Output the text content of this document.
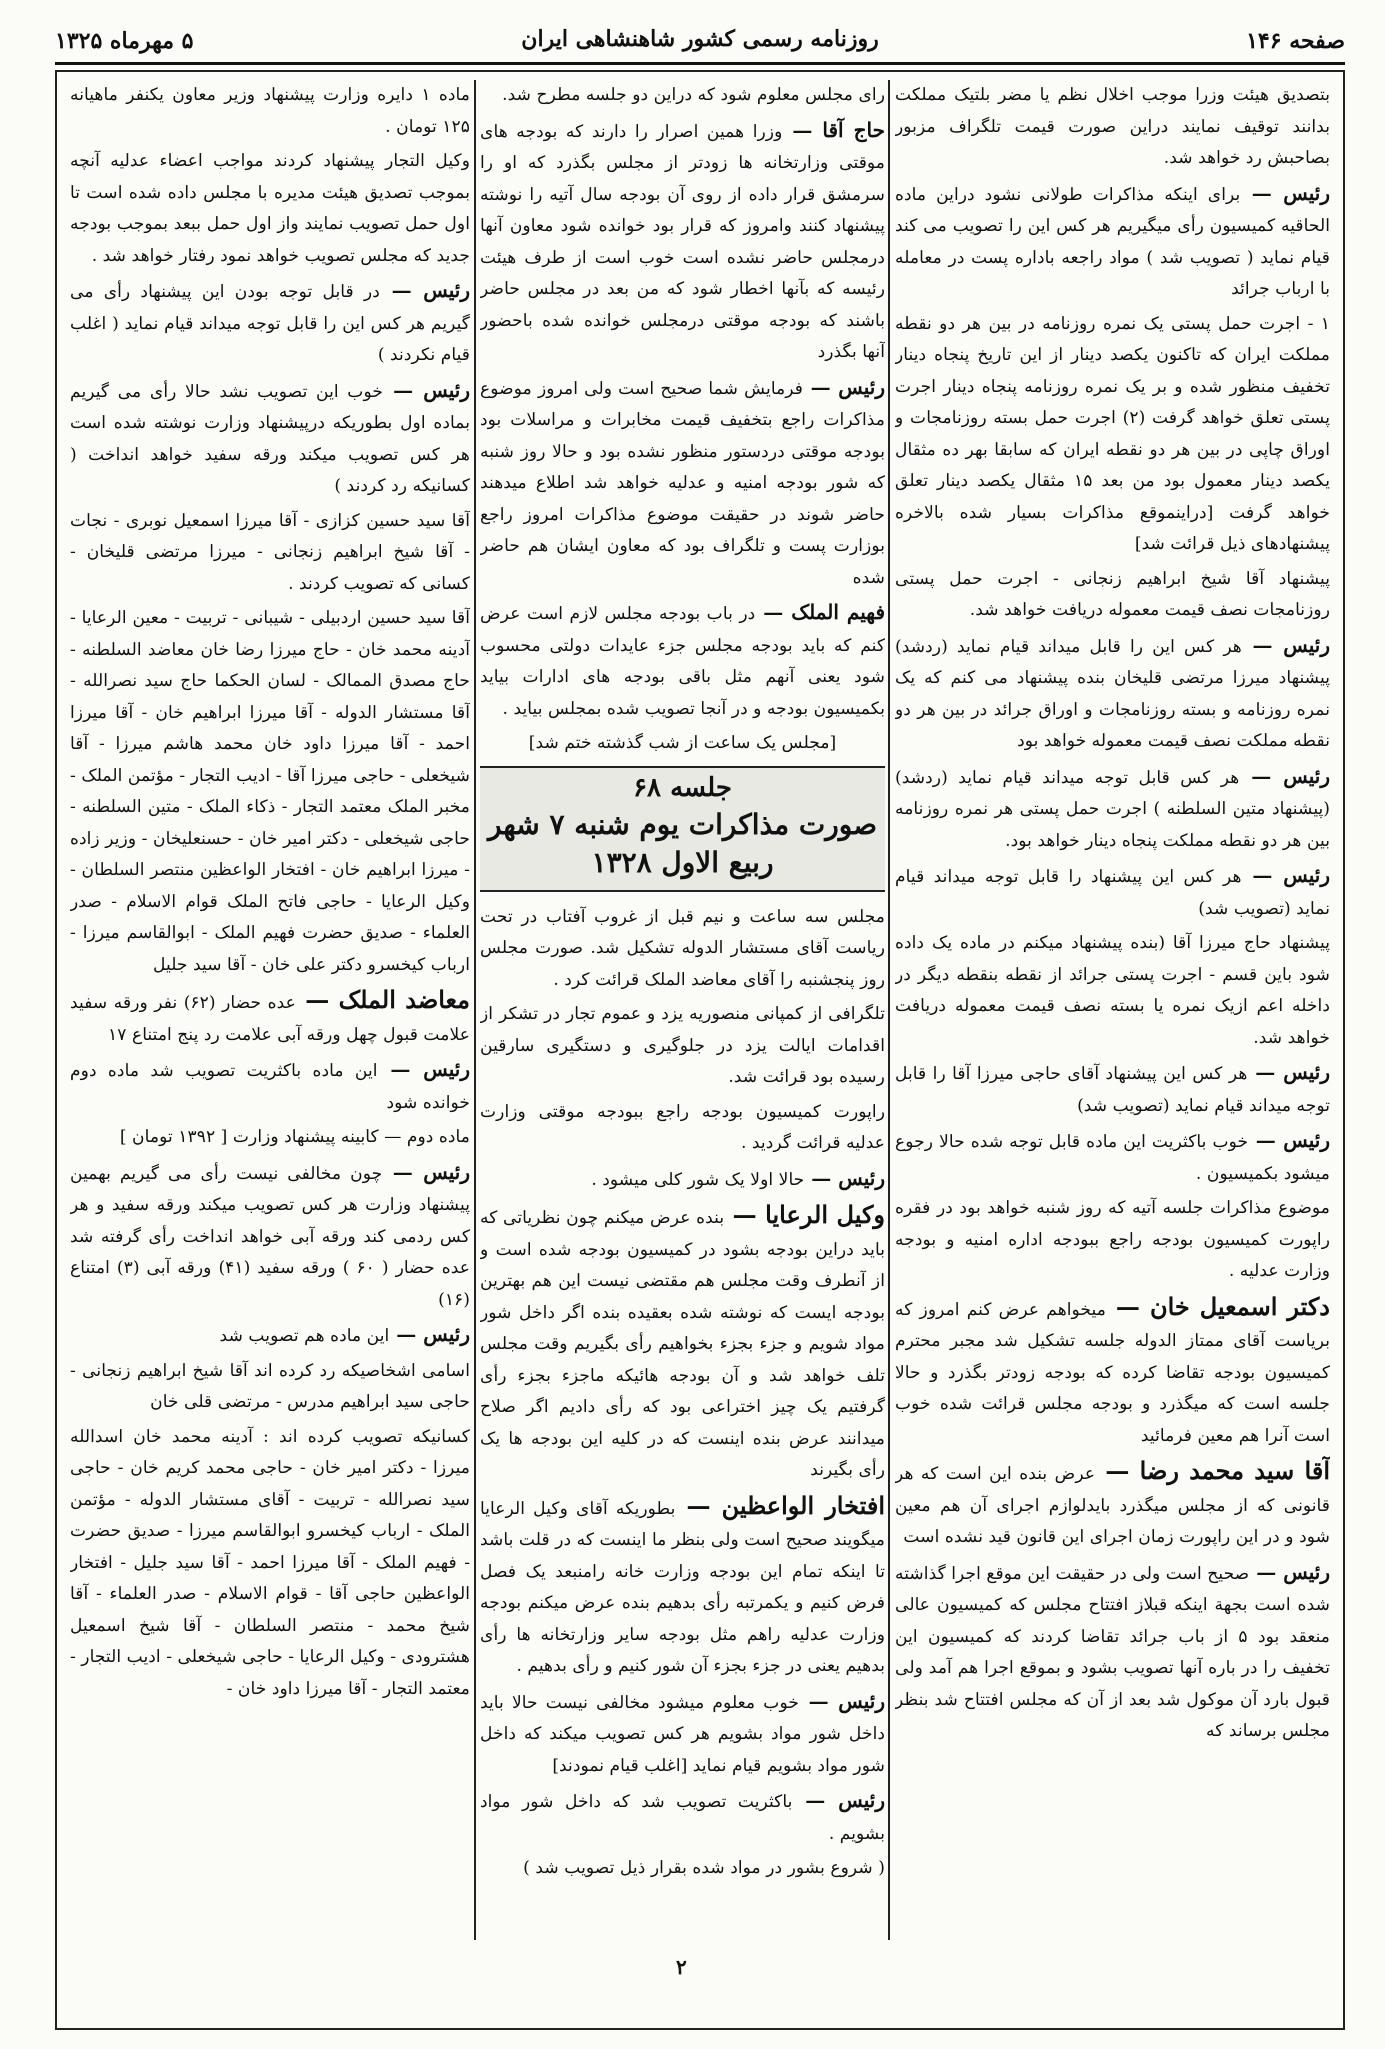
صفحه ۱۴۶
روزنامه رسمی کشور شاهنشاهی ایران
۵ مهرماه ۱۳۲۵

بتصدیق هیئت وزرا موجب اخلال نظم یا مضر بلتیک مملکت بدانند توقیف نمایند دراین صورت قیمت تلگراف مزبور بصاحبش رد خواهد شد.

رئیس — برای اینکه مذاکرات طولانی نشود دراین ماده الحاقیه کمیسیون رأی میگیریم هر کس این را تصویب می کند قیام نماید ( تصویب شد ) مواد راجعه باداره پست در معامله با ارباب جرائد

۱ - اجرت حمل پستی یک نمره روزنامه در بین هر دو نقطه مملکت ایران که تاکنون یکصد دینار از این تاریخ پنجاه دینار تخفیف منظور شده و بر یک نمره روزنامه پنجاه دینار اجرت پستی تعلق خواهد گرفت (۲) اجرت حمل بسته روزنامجات و اوراق چاپی در بین هر دو نقطه ایران که سابقا بهر ده مثقال یکصد دینار معمول بود من بعد ۱۵ مثقال یکصد دینار تعلق خواهد گرفت [دراینموقع مذاکرات بسیار شده بالاخره پیشنهادهای ذیل قرائت شد]

پیشنهاد آقا شیخ ابراهیم زنجانی - اجرت حمل پستی روزنامجات نصف قیمت معموله دریافت خواهد شد.

رئیس — هر کس این را قابل میداند قیام نماید (ردشد) پیشنهاد میرزا مرتضی قلیخان بنده پیشنهاد می کنم که یک نمره روزنامه و بسته روزنامجات و اوراق جرائد در بین هر دو نقطه مملکت نصف قیمت معموله خواهد بود

رئیس — هر کس قابل توجه میداند قیام نماید (ردشد) (پیشنهاد متین السلطنه ) اجرت حمل پستی هر نمره روزنامه بین هر دو نقطه مملکت پنجاه دینار خواهد بود.

رئیس — هر کس این پیشنهاد را قابل توجه میداند قیام نماید (تصویب شد)

پیشنهاد حاج میرزا آقا (بنده پیشنهاد میکنم در ماده یک داده شود باین قسم - اجرت پستی جرائد از نقطه بنقطه دیگر در داخله اعم ازیک نمره یا بسته نصف قیمت معموله دریافت خواهد شد.

رئیس — هر کس این پیشنهاد آقای حاجی میرزا آقا را قابل توجه میداند قیام نماید (تصویب شد)

رئیس — خوب باکثریت این ماده قابل توجه شده حالا رجوع میشود بکمیسیون .

موضوع مذاکرات جلسه آتیه که روز شنبه خواهد بود در فقره راپورت کمیسیون بودجه راجع ببودجه اداره امنیه و بودجه وزارت عدلیه .

دکتر اسمعیل خان — میخواهم عرض کنم امروز که بریاست آقای ممتاز الدوله جلسه تشکیل شد مجبر محترم کمیسیون بودجه تقاضا کرده که بودجه زودتر بگذرد و حالا جلسه است که میگذرد و بودجه مجلس قرائت شده خوب است آنرا هم معین فرمائید

آقا سید محمد رضا — عرض بنده این است که هر قانونی که از مجلس میگذرد بایدلوازم اجرای آن هم معین شود و در این راپورت زمان اجرای این قانون قید نشده است

رئیس — صحیح است ولی در حقیقت این موقع اجرا گذاشته شده است بجهة اینکه قبلاز افتتاح مجلس که کمیسیون عالی منعقد بود ۵ از باب جرائد تقاضا کردند که کمیسیون این تخفیف را در باره آنها تصویب بشود و بموقع اجرا هم آمد ولی قبول بارد آن موکول شد بعد از آن که مجلس افتتاح شد بنظر مجلس برساند که

رای مجلس معلوم شود که دراین دو جلسه مطرح شد.

حاج آقا — وزرا همین اصرار را دارند که بودجه های موقتی وزارتخانه ها زودتر از مجلس بگذرد که او را سرمشق قرار داده از روی آن بودجه سال آتیه را نوشته پیشنهاد کنند وامروز که قرار بود خوانده شود معاون آنها درمجلس حاضر نشده است خوب است از طرف هیئت رئیسه که بآنها اخطار شود که من بعد در مجلس حاضر باشند که بودجه موقتی درمجلس خوانده شده باحضور آنها بگذرد

رئیس — فرمایش شما صحیح است ولی امروز موضوع مذاکرات راجع بتخفیف قیمت مخابرات و مراسلات بود بودجه موقتی دردستور منظور نشده بود و حالا روز شنبه که شور بودجه امنیه و عدلیه خواهد شد اطلاع میدهند حاضر شوند در حقیقت موضوع مذاکرات امروز راجع بوزارت پست و تلگراف بود که معاون ایشان هم حاضر شده

فهیم الملک — در باب بودجه مجلس لازم است عرض کنم که باید بودجه مجلس جزء عایدات دولتی محسوب شود یعنی آنهم مثل باقی بودجه های ادارات بیاید بکمیسیون بودجه و در آنجا تصویب شده بمجلس بیاید .

[مجلس یک ساعت از شب گذشته ختم شد]

جلسه ۶۸
صورت مذاکرات یوم شنبه ۷ شهر ربیع الاول ۱۳۲۸

مجلس سه ساعت و نیم قبل از غروب آفتاب در تحت ریاست آقای مستشار الدوله تشکیل شد. صورت مجلس روز پنجشنبه را آقای معاضد الملک قرائت کرد .

تلگرافی از کمپانی منصوریه یزد و عموم تجار در تشکر از اقدامات ایالت یزد در جلوگیری و دستگیری سارقین رسیده بود قرائت شد.

راپورت کمیسیون بودجه راجع ببودجه موقتی وزارت عدلیه قرائت گردید .

رئیس — حالا اولا یک شور کلی میشود .

وکیل الرعایا — بنده عرض میکنم چون نظریاتی که باید دراین بودجه بشود در کمیسیون بودجه شده است و از آنطرف وقت مجلس هم مقتضی نیست این هم بهترین بودجه ایست که نوشته شده بعقیده بنده اگر داخل شور مواد شویم و جزء بجزء بخواهیم رأی بگیریم وقت مجلس تلف خواهد شد و آن بودجه هائیکه ماجزء بجزء رأی گرفتیم یک چیز اختراعی بود که رأی دادیم اگر صلاح میدانند عرض بنده اینست که در کلیه این بودجه ها یک رأی بگیرند

افتخار الواعظین — بطوریکه آقای وکیل الرعایا میگویند صحیح است ولی بنظر ما اینست که در قلت باشد تا اینکه تمام این بودجه وزارت خانه رامنبعد یک فصل فرض کنیم و یکمرتبه رأی بدهیم بنده عرض میکنم بودجه وزارت عدلیه راهم مثل بودجه سایر وزارتخانه ها رأی بدهیم یعنی در جزء بجزء آن شور کنیم و رأی بدهیم .

رئیس — خوب معلوم میشود مخالفی نیست حالا باید داخل شور مواد بشویم هر کس تصویب میکند که داخل شور مواد بشویم قیام نماید [اغلب قیام نمودند]

رئیس — باکثریت تصویب شد که داخل شور مواد بشویم .

( شروع بشور در مواد شده بقرار ذیل تصویب شد )

ماده ۱ دایره وزارت پیشنهاد وزیر معاون یکنفر ماهیانه ۱۲۵ تومان .

وکیل التجار پیشنهاد کردند مواجب اعضاء عدلیه آنچه بموجب تصدیق هیئت مدیره با مجلس داده شده است تا اول حمل تصویب نمایند واز اول حمل ببعد بموجب بودجه جدید که مجلس تصویب خواهد نمود رفتار خواهد شد .

رئیس — در قابل توجه بودن این پیشنهاد رأی می گیریم هر کس این را قابل توجه میداند قیام نماید ( اغلب قیام نکردند )

رئیس — خوب این تصویب نشد حالا رأی می گیریم بماده اول بطوریکه درپیشنهاد وزارت نوشته شده است هر کس تصویب میکند ورقه سفید خواهد انداخت ( کسانیکه رد کردند )

آقا سید حسین کزازی - آقا میرزا اسمعیل نوبری - نجات - آقا شیخ ابراهیم زنجانی - میرزا مرتضی قلیخان - کسانی که تصویب کردند .

آقا سید حسین اردبیلی - شیبانی - تربیت - معین الرعایا - آدینه محمد خان - حاج میرزا رضا خان معاضد السلطنه - حاج مصدق الممالک - لسان الحکما حاج سید نصرالله - آقا مستشار الدوله - آقا میرزا ابراهیم خان - آقا میرزا احمد - آقا میرزا داود خان محمد هاشم میرزا - آقا شیخعلی - حاجی میرزا آقا - ادیب التجار - مؤتمن الملک - مخبر الملک معتمد التجار - ذکاء الملک - متین السلطنه - حاجی شیخعلی - دکتر امیر خان - حسنعلیخان - وزیر زاده - میرزا ابراهیم خان - افتخار الواعظین منتصر السلطان - وکیل الرعایا - حاجی فاتح الملک قوام الاسلام - صدر العلماء - صدیق حضرت فهیم الملک - ابوالقاسم میرزا - ارباب کیخسرو دکتر علی خان - آقا سید جلیل

معاضد الملک — عده حضار (۶۲) نفر ورقه سفید علامت قبول چهل ورقه آبی علامت رد پنج امتناع ۱۷

رئیس — این ماده باکثریت تصویب شد ماده دوم خوانده شود

ماده دوم — کابینه پیشنهاد وزارت [ ۱۳۹۲ تومان ]

رئیس — چون مخالفی نیست رأی می گیریم بهمین پیشنهاد وزارت هر کس تصویب میکند ورقه سفید و هر کس ردمی کند ورقه آبی خواهد انداخت رأی گرفته شد عده حضار ( ۶۰ ) ورقه سفید (۴۱) ورقه آبی (۳) امتناع (۱۶)

رئیس — این ماده هم تصویب شد

اسامی اشخاصیکه رد کرده اند آقا شیخ ابراهیم زنجانی - حاجی سید ابراهیم مدرس - مرتضی قلی خان

کسانیکه تصویب کرده اند : آدینه محمد خان اسدالله میرزا - دکتر امیر خان - حاجی محمد کریم خان - حاجی سید نصرالله - تربیت - آقای مستشار الدوله - مؤتمن الملک - ارباب کیخسرو ابوالقاسم میرزا - صدیق حضرت - فهیم الملک - آقا میرزا احمد - آقا سید جلیل - افتخار الواعظین حاجی آقا - قوام الاسلام - صدر العلماء - آقا شیخ محمد - منتصر السلطان - آقا شیخ اسمعیل هشترودی - وکیل الرعایا - حاجی شیخعلی - ادیب التجار - معتمد التجار - آقا میرزا داود خان -

۲
